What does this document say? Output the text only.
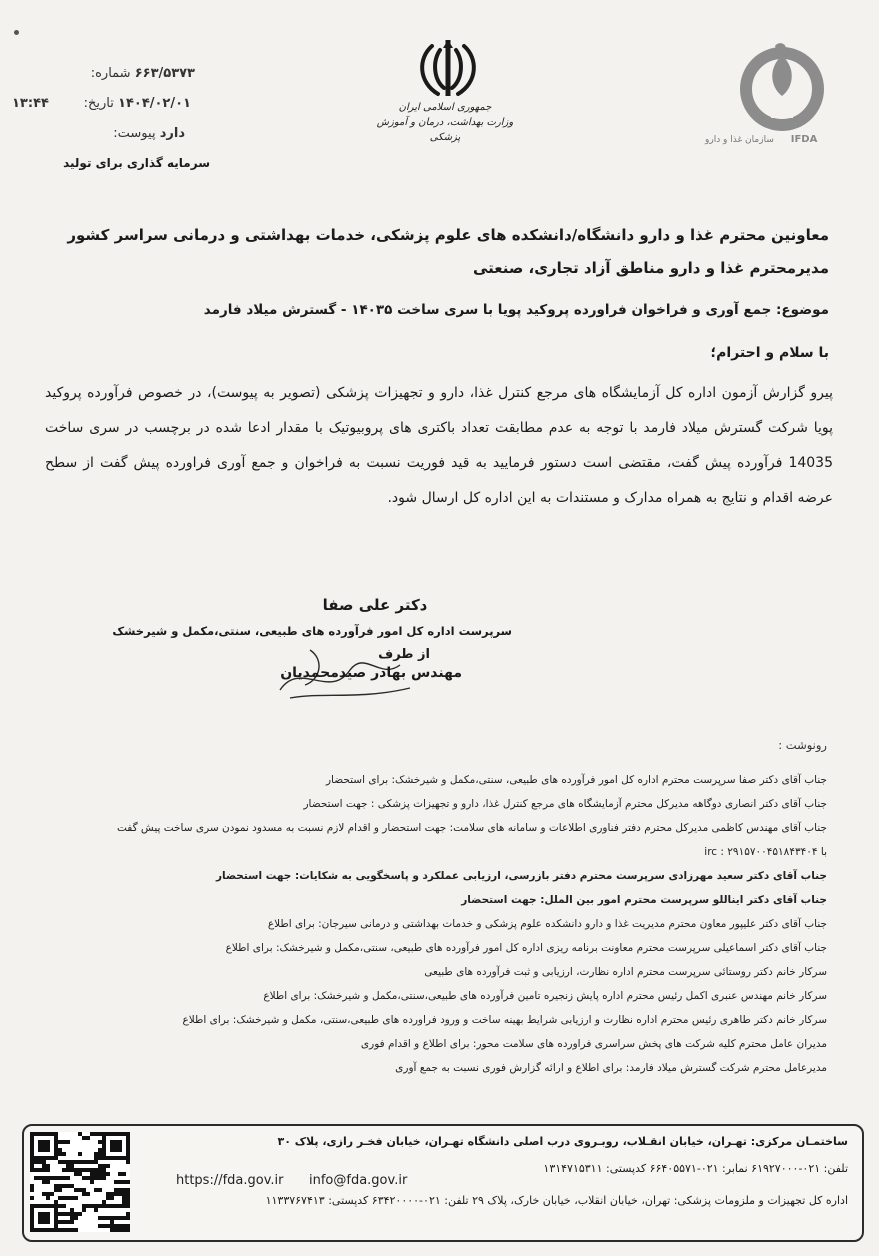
شماره: ۶۶۳/۵۳۷۳
تاریخ: ۱۴۰۴/۰۲/۰۱
۱۳:۴۴
پیوست: دارد
سرمایه گذاری برای تولید
جمهوری اسلامی ایران
وزارت بهداشت، درمان و آموزش پزشکی	سازمان غذا و دارو IFDA
معاونین محترم غذا و دارو دانشگاه/دانشکده های علوم پزشکی، خدمات بهداشتی و درمانی سراسر کشور
مدیرمحترم غذا و دارو مناطق آزاد تجاری، صنعتی
موضوع: جمع آوری و فراخوان فراورده پروکید پویا با سری ساخت ۱۴۰۳۵ - گسترش میلاد فارمد
با سلام و احترام؛
پیرو گزارش آزمون اداره کل آزمایشگاه های مرجع کنترل غذا، دارو و تجهیزات پزشکی (تصویر به پیوست)، در خصوص فرآورده پروکید پویا شرکت گسترش میلاد فارمد با توجه به عدم مطابقت تعداد باکتری های پروبیوتیک با مقدار ادعا شده در برچسب در سری ساخت 14035 فرآورده پیش گفت، مقتضی است دستور فرمایید به قید فوریت نسبت به فراخوان و جمع آوری فراورده پیش گفت از سطح عرضه اقدام و نتایج به همراه مدارک و مستندات به این اداره کل ارسال شود.
دکتر علی صفا
سرپرست اداره کل امور فرآورده های طبیعی، سنتی،مکمل و شیرخشک
از طرف
مهندس بهادر صیدمحمدیان
رونوشت :
جناب آقای دکتر صفا سرپرست محترم اداره کل امور فرآورده های طبیعی، سنتی،مکمل و شیرخشک: برای استحضار
جناب آقای دکتر انصاری دوگاهه مدیرکل محترم آزمایشگاه های مرجع کنترل غذا، دارو و تجهیزات پزشکی : جهت استحضار
جناب آقای مهندس کاظمی مدیرکل محترم دفتر فناوری اطلاعات و سامانه های سلامت: جهت استحضار و اقدام لازم نسبت به مسدود نمودن سری ساخت پیش گفت
با irc : ۲۹۱۵۷۰۰۴۵۱۸۴۳۴۰۴
جناب آقای دکتر سعید مهرزادی سرپرست محترم دفتر بازرسی، ارزیابی عملکرد و پاسخگویی به شکایات: جهت استحضار
جناب آقای دکتر ایناللو سرپرست محترم امور بین الملل: جهت استحضار
جناب آقای دکتر علیپور معاون محترم مدیریت غذا و دارو دانشکده علوم پزشکی و خدمات بهداشتی و درمانی سیرجان: برای اطلاع
جناب آقای دکتر اسماعیلی سرپرست محترم معاونت برنامه ریزی اداره کل امور فرآورده های طبیعی، سنتی،مکمل و شیرخشک: برای اطلاع
سرکار خانم دکتر روستائی سرپرست محترم اداره نظارت، ارزیابی و ثبت فرآورده های طبیعی
سرکار خانم مهندس عنبری اکمل رئیس محترم اداره پایش زنجیره تامین فرآورده های طبیعی،سنتی،مکمل و شیرخشک: برای اطلاع
سرکار خانم دکتر طاهری رئیس محترم اداره نظارت و ارزیابی شرایط بهینه ساخت و ورود فراورده های طبیعی،سنتی، مکمل و شیرخشک: برای اطلاع
مدیران عامل محترم کلیه شرکت های پخش سراسری فراورده های سلامت محور: برای اطلاع و اقدام فوری
مدیرعامل محترم شرکت گسترش میلاد فارمد: برای اطلاع و ارائه گزارش فوری نسبت به جمع آوری
ساختمـان مرکزی: تهـران، خیابان انقـلاب، روبـروی درب اصلی دانشگاه تهـران، خیابان فخـر رازی، پلاک ۳۰
تلفن: ۰۲۱-۶۱۹۲۷۰۰۰ نمابر: ۰۲۱-۶۶۴۰۵۵۷۱ کدپستی: ۱۳۱۴۷۱۵۳۱۱
https://fda.gov.ir info@fda.gov.ir
اداره کل تجهیزات و ملزومات پزشکی: تهران، خیابان انقلاب، خیابان خارک، پلاک ۲۹ تلفن: ۰۲۱-۶۳۴۲۰۰۰۰ کدپستی: ۱۱۳۳۷۶۷۴۱۳
